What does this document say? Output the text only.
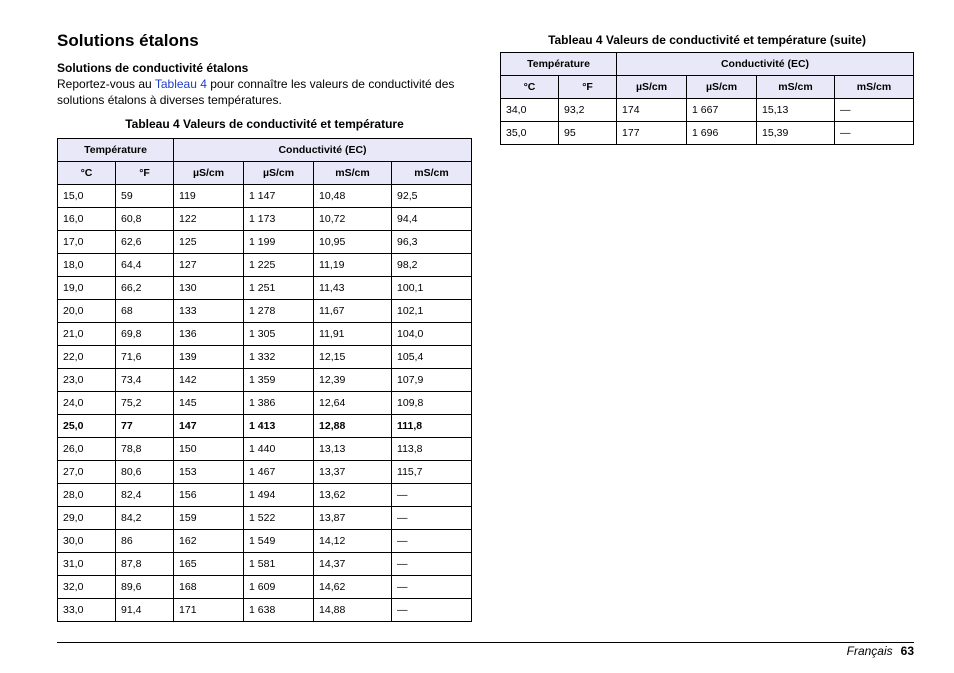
Solutions étalons
Solutions de conductivité étalons

Reportez-vous au Tableau 4 pour connaître les valeurs de conductivité des solutions étalons à diverses températures.

Tableau 4 Valeurs de conductivité et température
Température		Conductivité (EC)			
°C	°F	µS/cm	µS/cm	mS/cm	mS/cm
15,0	59	119	1 147	10,48	92,5
16,0	60,8	122	1 173	10,72	94,4
17,0	62,6	125	1 199	10,95	96,3
18,0	64,4	127	1 225	11,19	98,2
19,0	66,2	130	1 251	11,43	100,1
20,0	68	133	1 278	11,67	102,1
21,0	69,8	136	1 305	11,91	104,0
22,0	71,6	139	1 332	12,15	105,4
23,0	73,4	142	1 359	12,39	107,9
24,0	75,2	145	1 386	12,64	109,8
25,0	77	147	1 413	12,88	111,8
26,0	78,8	150	1 440	13,13	113,8
27,0	80,6	153	1 467	13,37	115,7
28,0	82,4	156	1 494	13,62	—
29,0	84,2	159	1 522	13,87	—
30,0	86	162	1 549	14,12	—
31,0	87,8	165	1 581	14,37	—
32,0	89,6	168	1 609	14,62	—
33,0	91,4	171	1 638	14,88	—
Tableau 4 Valeurs de conductivité et température (suite)
Température		Conductivité (EC)			
°C	°F	µS/cm	µS/cm	mS/cm	mS/cm
34,0	93,2	174	1 667	15,13	—
35,0	95	177	1 696	15,39	—
Français 63
